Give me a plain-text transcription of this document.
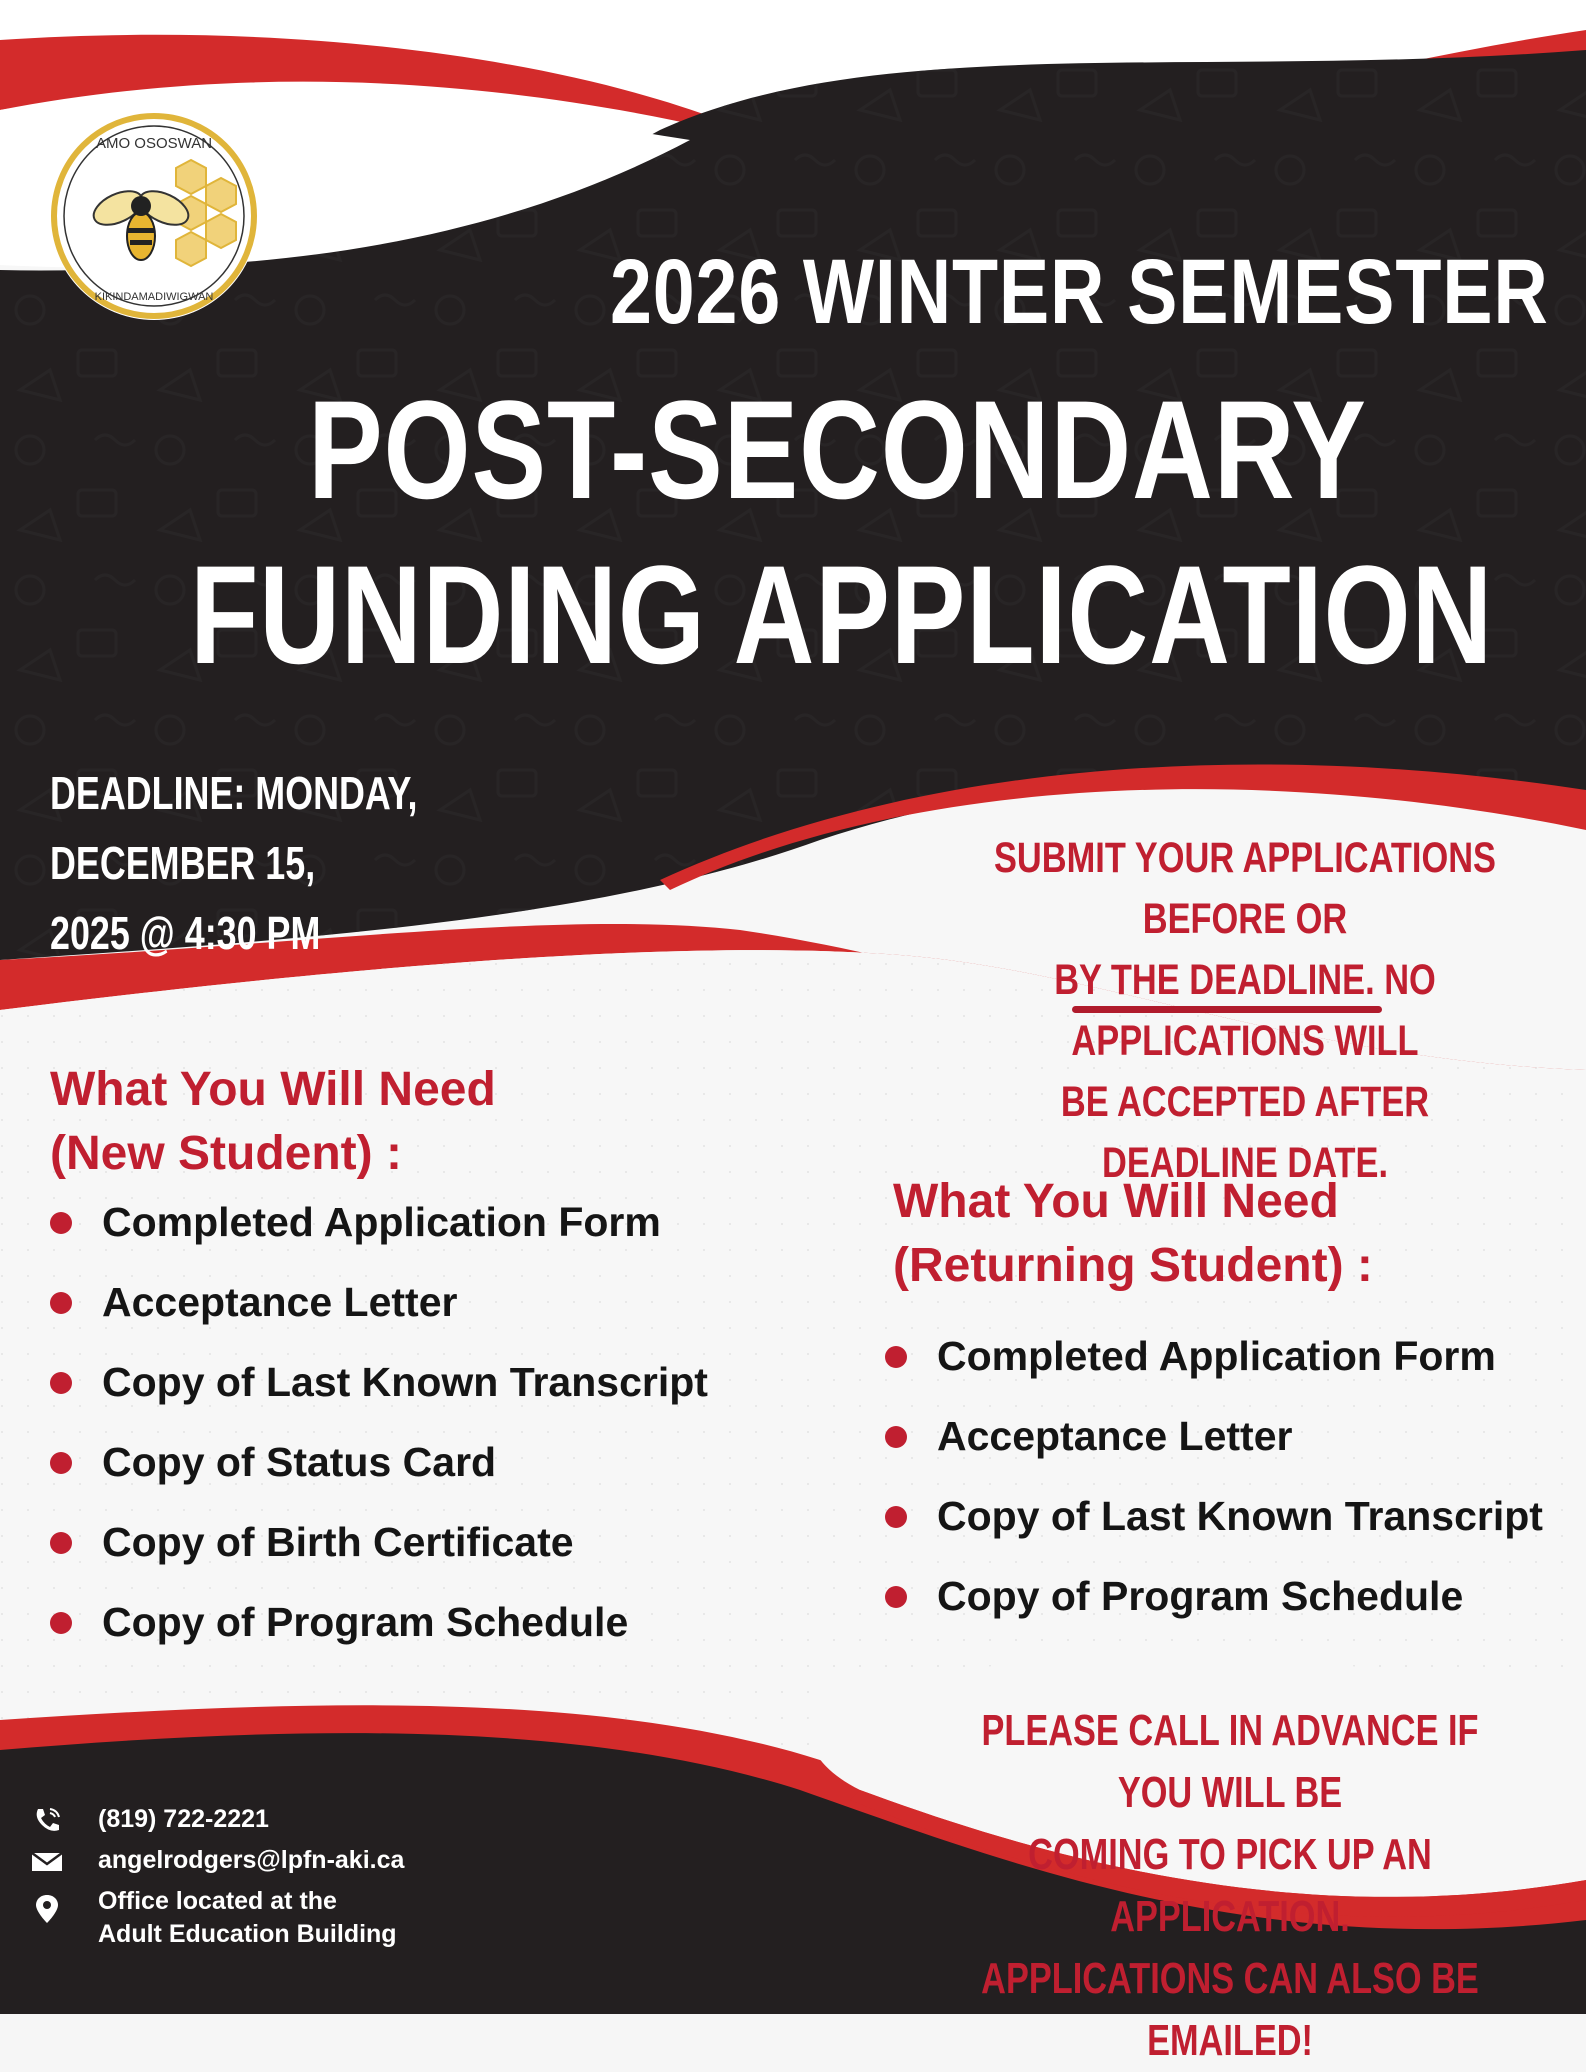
AMO OSOSWAN
KIKINDAMADIWIGWAN	2026 WINTER SEMESTER
POST-SECONDARY
FUNDING APPLICATION
DEADLINE: MONDAY, DECEMBER 15,
2025 @ 4:30 PM
SUBMIT YOUR APPLICATIONS BEFORE OR
BY THE DEADLINE. NO APPLICATIONS WILL
BE ACCEPTED AFTER DEADLINE DATE.
What You Will Need
(New Student) :
Completed Application Form
Acceptance Letter
Copy of Last Known Transcript
Copy of Status Card
Copy of Birth Certificate
Copy of Program Schedule
What You Will Need
(Returning Student) :
Completed Application Form
Acceptance Letter
Copy of Last Known Transcript
Copy of Program Schedule
PLEASE CALL IN ADVANCE IF YOU WILL BE
COMING TO PICK UP AN APPLICATION.
APPLICATIONS CAN ALSO BE EMAILED!
(819) 722-2221
angelrodgers@lpfn-aki.ca
Office located at the
Adult Education Building
